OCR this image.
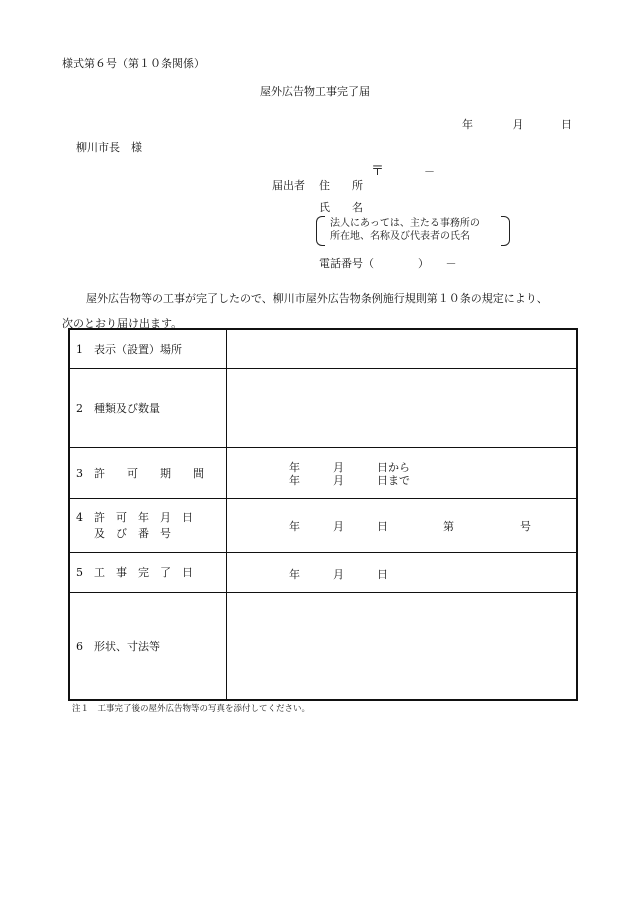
様式第６号（第１０条関係）
屋外広告物工事完了届
年	月	日
柳川市長　様
〒	－
届出者 住　　所
氏　　名
法人にあっては、主たる事務所の
所在地、名称及び代表者の氏名
電話番号（　　　　）　　－
屋外広告物等の工事が完了したので、柳川市屋外広告物条例施行規則第１０条の規定により、
次のとおり届け出ます。
1　表示（設置）場所	
2　種類及び数量	
3　許　　可　　期　　間	年　　　月　　　日から
年　　　月　　　日まで

4　許　可　年　月　日
及　び　番　号	年　　　月　　　日　　　　　第　　　　　　号

5　工　事　完　了　日	年　　　月　　　日

6　形状、寸法等	
注１　工事完了後の屋外広告物等の写真を添付してください。
